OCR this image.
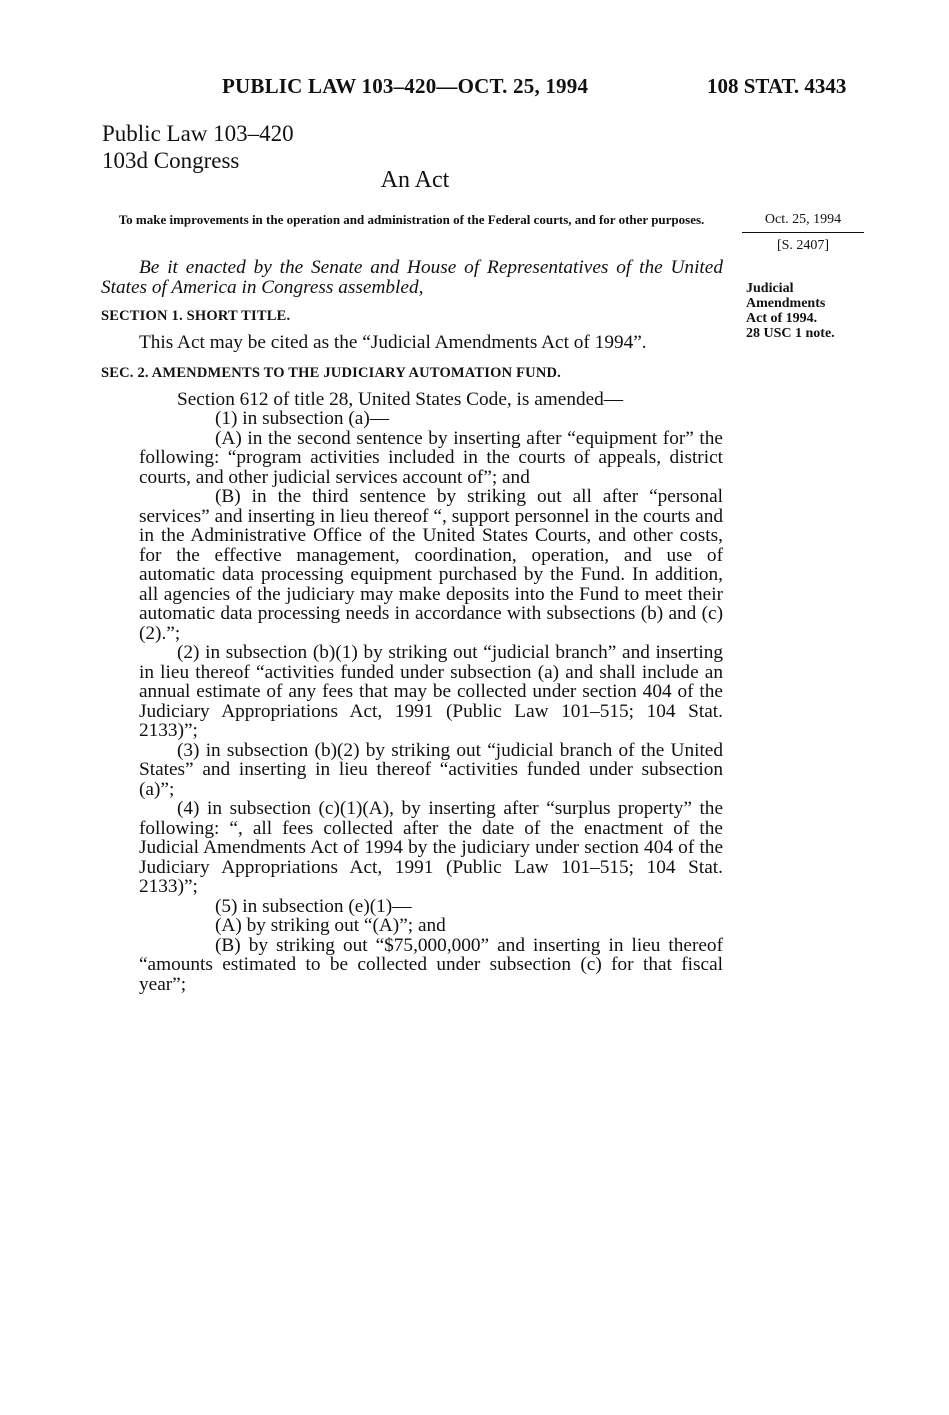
PUBLIC LAW 103–420—OCT. 25, 1994	108 STAT. 4343
Public Law 103–420
103d Congress
An Act
To make improvements in the operation and administration of the Federal courts, and for other purposes.	Oct. 25, 1994
[S. 2407]
Judicial
Amendments
Act of 1994.
28 USC 1 note.

Be it enacted by the Senate and House of Representatives of the United States of America in Congress assembled,

SECTION 1. SHORT TITLE.

This Act may be cited as the “Judicial Amendments Act of 1994”.

SEC. 2. AMENDMENTS TO THE JUDICIARY AUTOMATION FUND.

Section 612 of title 28, United States Code, is amended—

(1) in subsection (a)—

(A) in the second sentence by inserting after “equipment for” the following: “program activities included in the courts of appeals, district courts, and other judicial services account of”; and

(B) in the third sentence by striking out all after “personal services” and inserting in lieu thereof “, support personnel in the courts and in the Administrative Office of the United States Courts, and other costs, for the effective management, coordination, operation, and use of automatic data processing equipment purchased by the Fund. In addition, all agencies of the judiciary may make deposits into the Fund to meet their automatic data processing needs in accordance with subsections (b) and (c)(2).”;

(2) in subsection (b)(1) by striking out “judicial branch” and inserting in lieu thereof “activities funded under subsection (a) and shall include an annual estimate of any fees that may be collected under section 404 of the Judiciary Appropriations Act, 1991 (Public Law 101–515; 104 Stat. 2133)”;

(3) in subsection (b)(2) by striking out “judicial branch of the United States” and inserting in lieu thereof “activities funded under subsection (a)”;

(4) in subsection (c)(1)(A), by inserting after “surplus property” the following: “, all fees collected after the date of the enactment of the Judicial Amendments Act of 1994 by the judiciary under section 404 of the Judiciary Appropriations Act, 1991 (Public Law 101–515; 104 Stat. 2133)”;

(5) in subsection (e)(1)—

(A) by striking out “(A)”; and

(B) by striking out “$75,000,000” and inserting in lieu thereof “amounts estimated to be collected under subsection (c) for that fiscal year”;
